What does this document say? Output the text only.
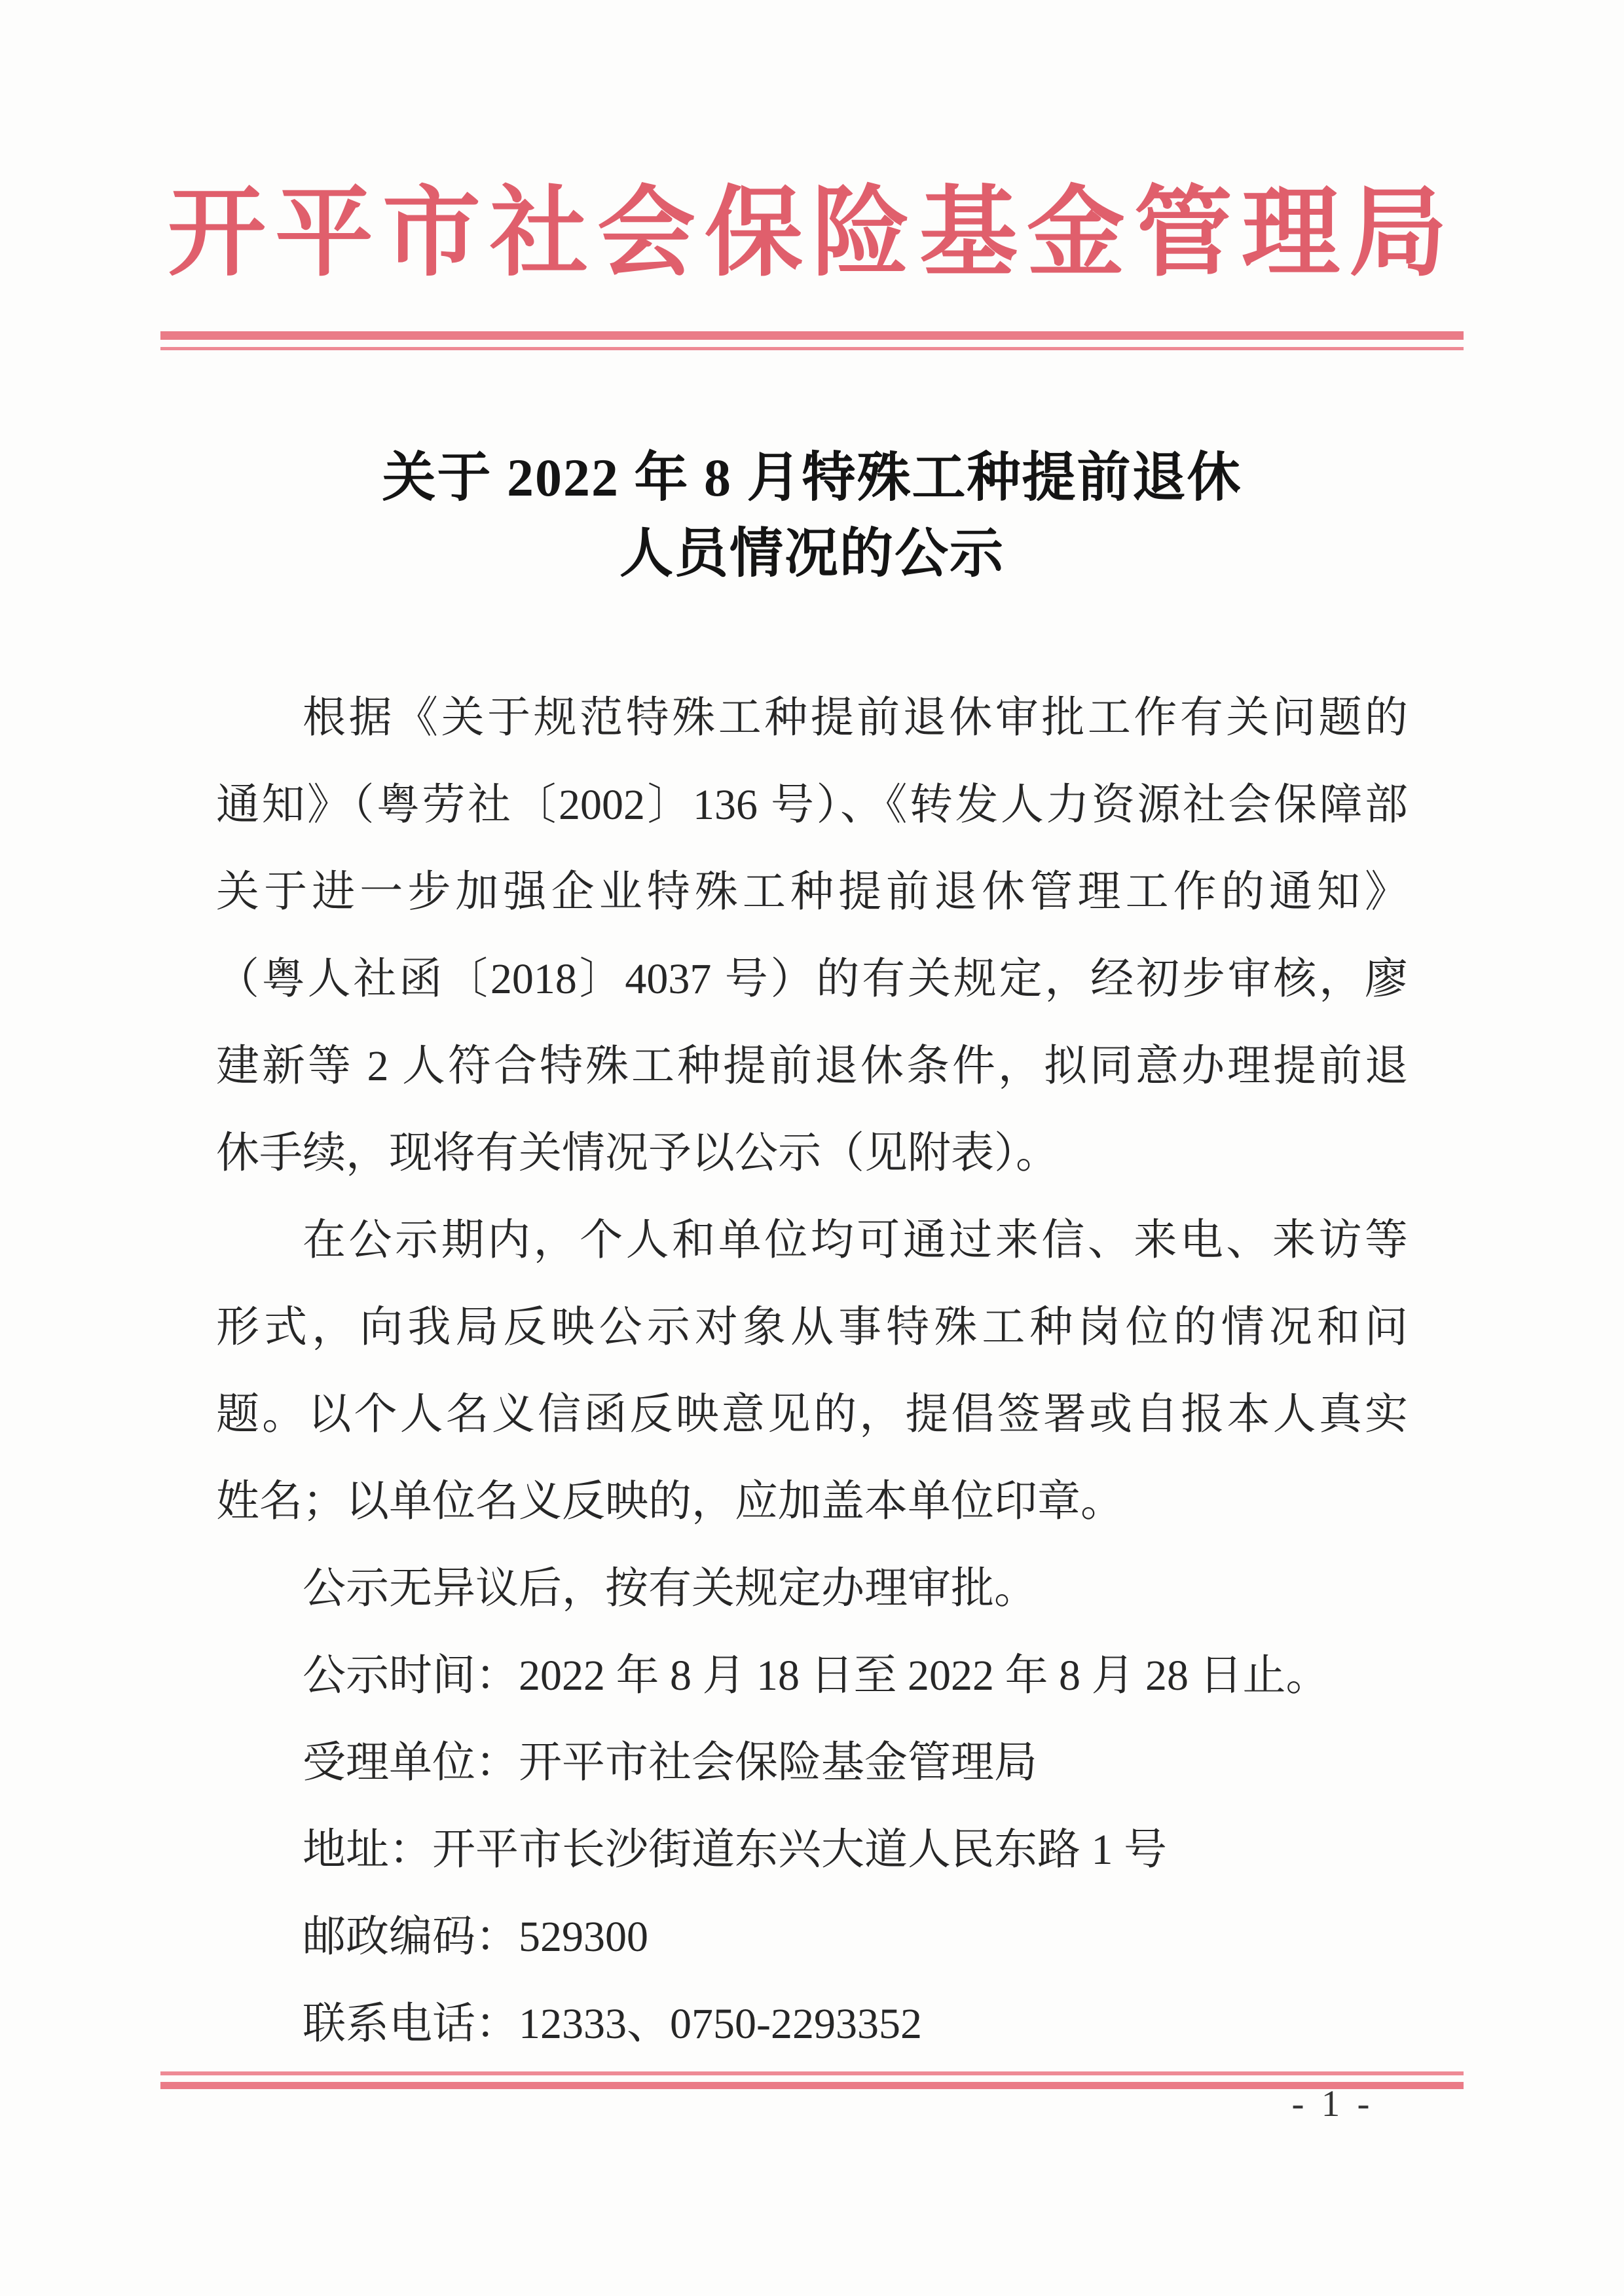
开平市社会保险基金管理局
关于 2022 年 8 月特殊工种提前退休
人员情况的公示
根据《关于规范特殊工种提前退休审批工作有关问题的
通知》（粤劳社〔2002〕136 号）、《转发人力资源社会保障部
关于进一步加强企业特殊工种提前退休管理工作的通知》
（粤人社函〔2018〕4037 号）的有关规定，经初步审核，廖
建新等 2 人符合特殊工种提前退休条件，拟同意办理提前退
休手续，现将有关情况予以公示（见附表）。
在公示期内，个人和单位均可通过来信、来电、来访等
形式，向我局反映公示对象从事特殊工种岗位的情况和问
题。以个人名义信函反映意见的，提倡签署或自报本人真实
姓名；以单位名义反映的，应加盖本单位印章。
公示无异议后，按有关规定办理审批。
公示时间：2022 年 8 月 18 日至 2022 年 8 月 28 日止。
受理单位：开平市社会保险基金管理局
地址：开平市长沙街道东兴大道人民东路 1 号
邮政编码：529300
联系电话：12333、0750-2293352
- 1 -
